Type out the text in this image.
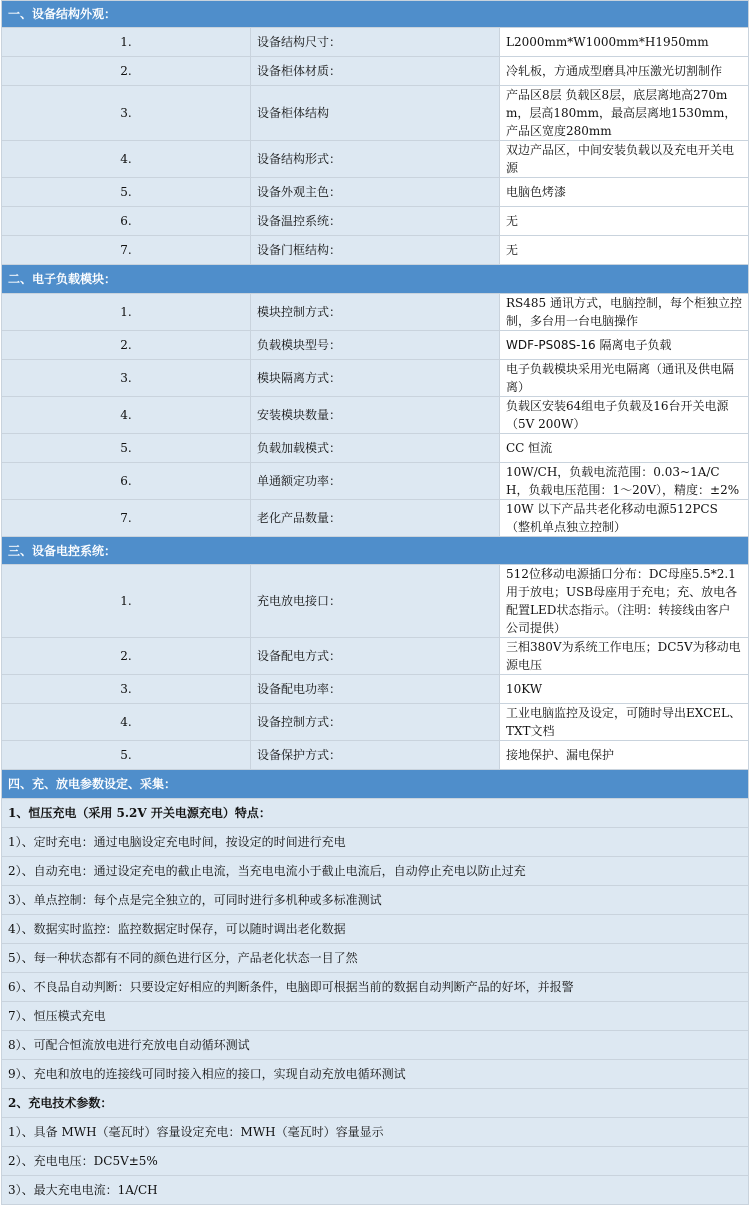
一、设备结构外观：		
1.	设备结构尺寸：	L2000mm*W1000mm*H1950mm
2.	设备柜体材质：	冷轧板，方通成型磨具冲压激光切割制作
3.	设备柜体结构	产品区8层 负载区8层，底层离地高270mm，层高180mm，最高层离地1530mm，产品区宽度280mm
4.	设备结构形式：	双边产品区，中间安装负载以及充电开关电源
5.	设备外观主色：	电脑色烤漆
6.	设备温控系统：	无
7.	设备门框结构：	无
二、电子负载模块：		
1.	模块控制方式：	RS485 通讯方式，电脑控制，每个柜独立控制，多台用一台电脑操作
2.	负载模块型号：	WDF-PS08S-16 隔离电子负载
3.	模块隔离方式：	电子负载模块采用光电隔离（通讯及供电隔离）
4.	安装模块数量：	负载区安装64组电子负载及16台开关电源（5V 200W）
5.	负载加载模式：	CC 恒流
6.	单通额定功率：	10W/CH，负载电流范围：0.03~1A/CH，负载电压范围：1～20V），精度：±2%
7.	老化产品数量：	10W 以下产品共老化移动电源512PCS （整机单点独立控制）
三、设备电控系统：		
1.	充电放电接口：	512位移动电源插口分布：DC母座5.5*2.1用于放电；USB母座用于充电；充、放电各配置LED状态指示。（注明：转接线由客户公司提供）
2.	设备配电方式：	三相380V为系统工作电压；DC5V为移动电源电压
3.	设备配电功率：	10KW
4.	设备控制方式：	工业电脑监控及设定，可随时导出EXCEL、TXT文档
5.	设备保护方式：	接地保护、漏电保护
四、充、放电参数设定、采集：		
1、恒压充电（采用 5.2V 开关电源充电）特点：		
1）、定时充电：通过电脑设定充电时间，按设定的时间进行充电		
2）、自动充电：通过设定充电的截止电流，当充电电流小于截止电流后，自动停止充电以防止过充		
3）、单点控制：每个点是完全独立的，可同时进行多机种或多标准测试		
4）、数据实时监控：监控数据定时保存，可以随时调出老化数据		
5）、每一种状态都有不同的颜色进行区分，产品老化状态一目了然		
6）、不良品自动判断：只要设定好相应的判断条件，电脑即可根据当前的数据自动判断产品的好坏，并报警		
7）、恒压模式充电		
8）、可配合恒流放电进行充放电自动循环测试		
9）、充电和放电的连接线可同时接入相应的接口，实现自动充放电循环测试		
2、充电技术参数：		
1）、具备 MWH（毫瓦时）容量设定充电：MWH（毫瓦时）容量显示		
2）、充电电压：DC5V±5%		
3）、最大充电电流：1A/CH		
